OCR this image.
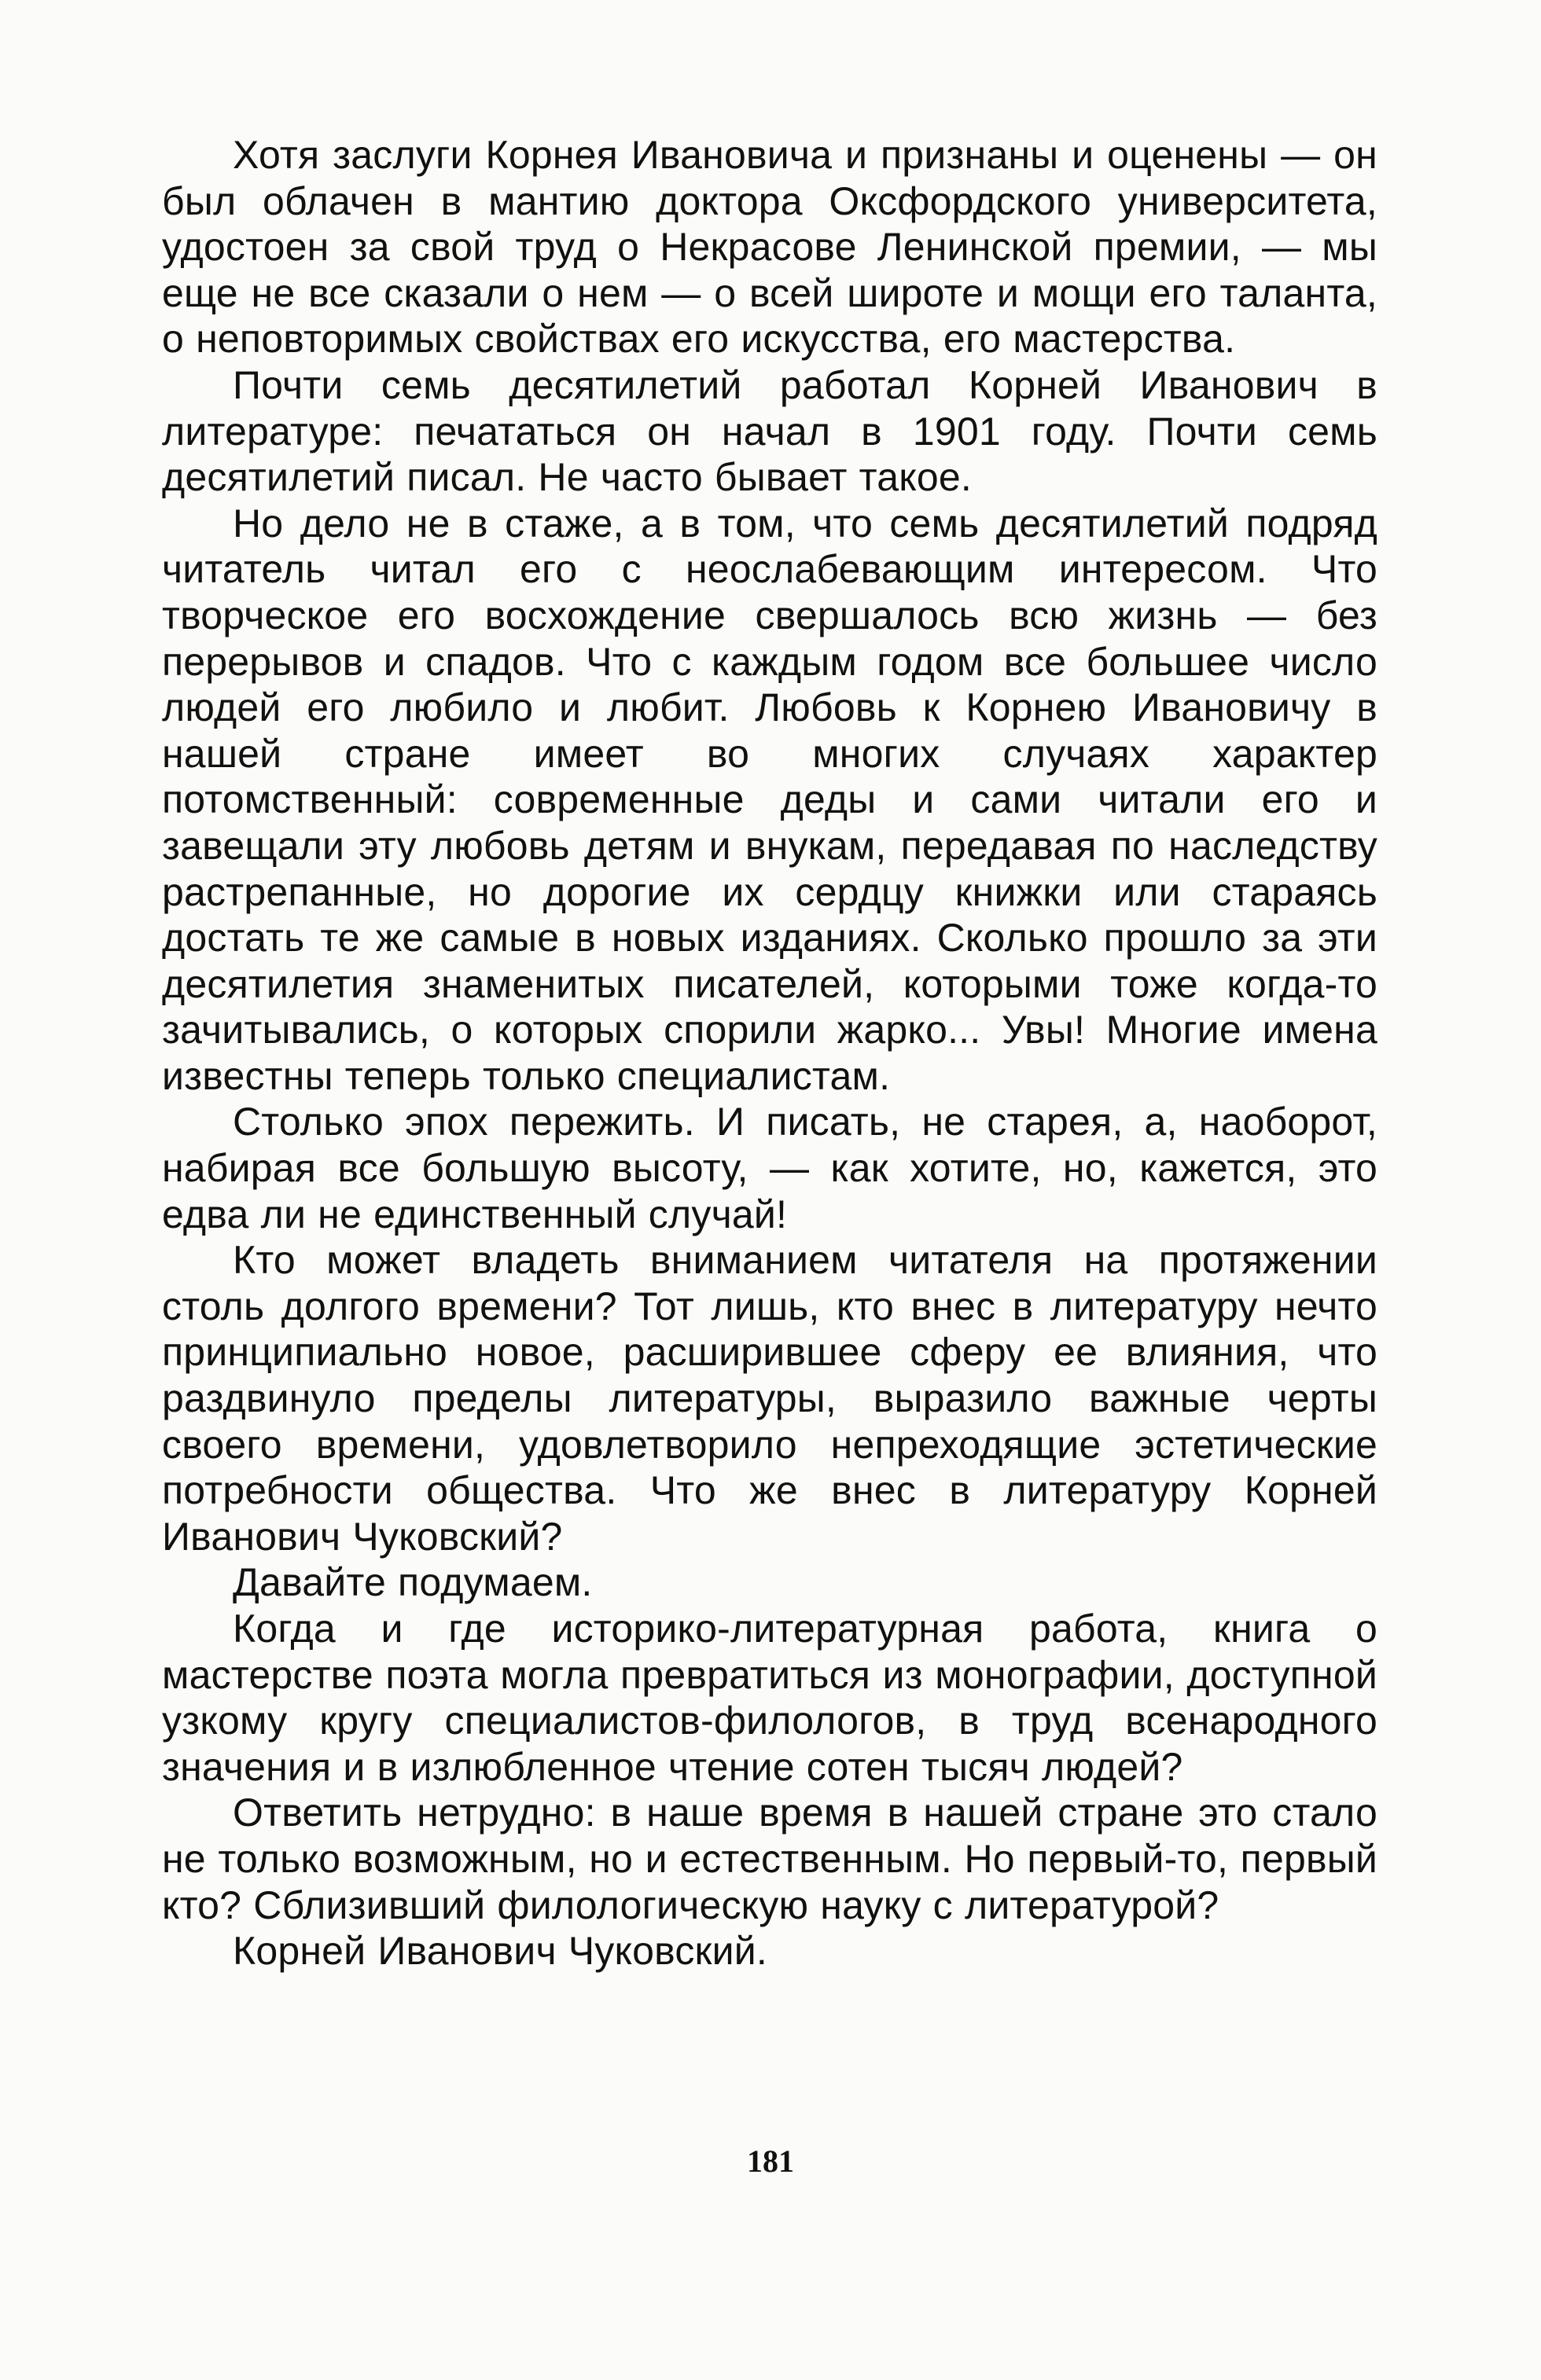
Хотя заслуги Корнея Ивановича и признаны и оценены — он был облачен в мантию доктора Оксфордского университета, удостоен за свой труд о Некрасове Ленинской премии, — мы еще не все сказали о нем — о всей широте и мощи его таланта, о неповторимых свойствах его искусства, его мастерства.

Почти семь десятилетий работал Корней Иванович в литературе: печататься он начал в 1901 году. Почти семь десятилетий писал. Не часто бывает такое.

Но дело не в стаже, а в том, что семь десятилетий подряд читатель читал его с неослабевающим интересом. Что творческое его восхождение свершалось всю жизнь — без перерывов и спадов. Что с каждым годом все большее число людей его любило и любит. Любовь к Корнею Ивановичу в нашей стране имеет во многих случаях характер потомственный: современные деды и сами читали его и завещали эту любовь детям и внукам, передавая по наследству растрепанные, но дорогие их сердцу книжки или стараясь достать те же самые в новых изданиях. Сколько прошло за эти десятилетия знаменитых писателей, которыми тоже когда-то зачитывались, о которых спорили жарко... Увы! Многие имена известны теперь только специалистам.

Столько эпох пережить. И писать, не старея, а, наоборот, набирая все большую высоту, — как хотите, но, кажется, это едва ли не единственный случай!

Кто может владеть вниманием читателя на протяжении столь долгого времени? Тот лишь, кто внес в литературу нечто принципиально новое, расширившее сферу ее влияния, что раздвинуло пределы литературы, выразило важные черты своего времени, удовлетворило непреходящие эстетические потребности общества. Что же внес в литературу Корней Иванович Чуковский?

Давайте подумаем.

Когда и где историко-литературная работа, книга о мастерстве поэта могла превратиться из монографии, доступной узкому кругу специалистов-филологов, в труд всенародного значения и в излюбленное чтение сотен тысяч людей?

Ответить нетрудно: в наше время в нашей стране это стало не только возможным, но и естественным. Но первый-то, первый кто? Сблизивший филологическую науку с литературой?

Корней Иванович Чуковский.

181
